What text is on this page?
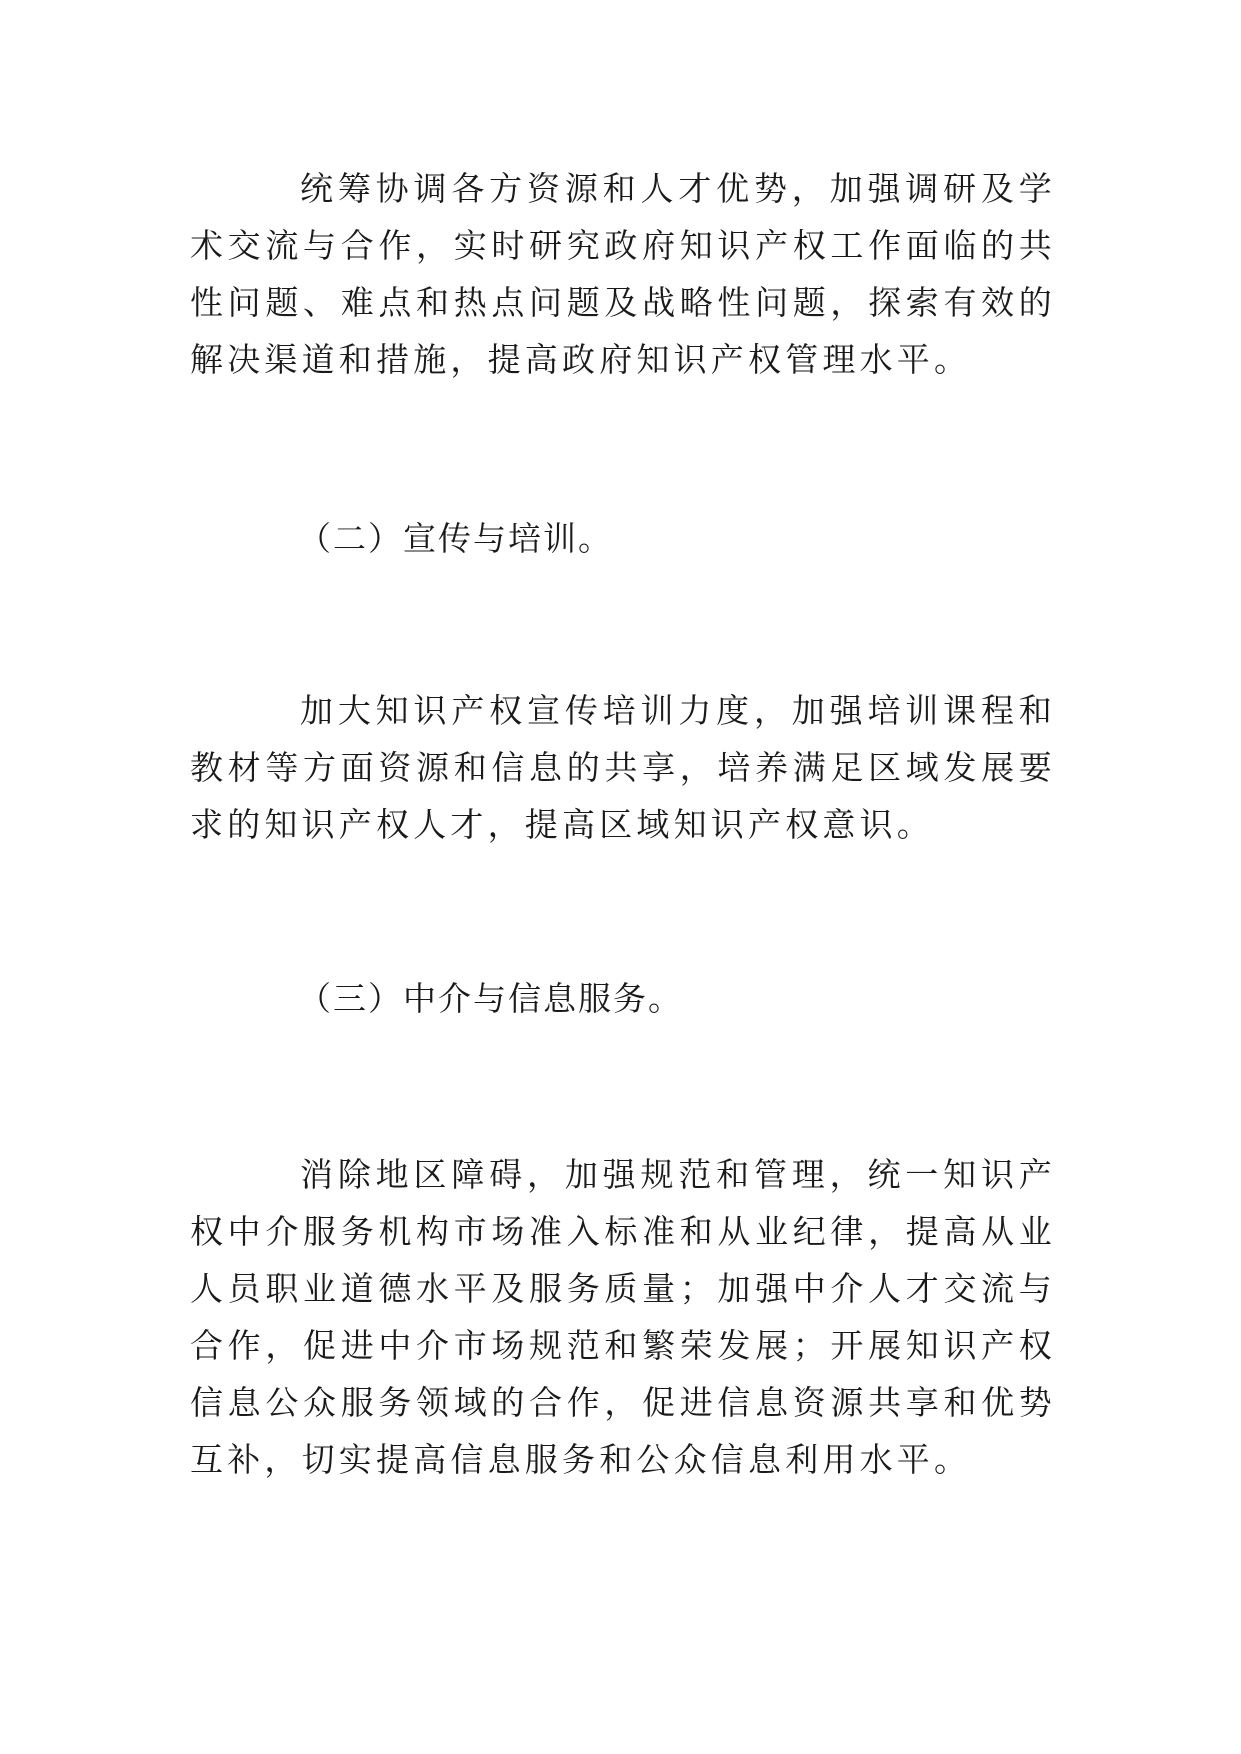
统筹协调各方资源和人才优势，加强调研及学术交流与合作，实时研究政府知识产权工作面临的共性问题、难点和热点问题及战略性问题，探索有效的解决渠道和措施，提高政府知识产权管理水平。

（二）宣传与培训。

加大知识产权宣传培训力度，加强培训课程和教材等方面资源和信息的共享，培养满足区域发展要求的知识产权人才，提高区域知识产权意识。

（三）中介与信息服务。

消除地区障碍，加强规范和管理，统一知识产权中介服务机构市场准入标准和从业纪律，提高从业人员职业道德水平及服务质量；加强中介人才交流与合作，促进中介市场规范和繁荣发展；开展知识产权信息公众服务领域的合作，促进信息资源共享和优势互补，切实提高信息服务和公众信息利用水平。
